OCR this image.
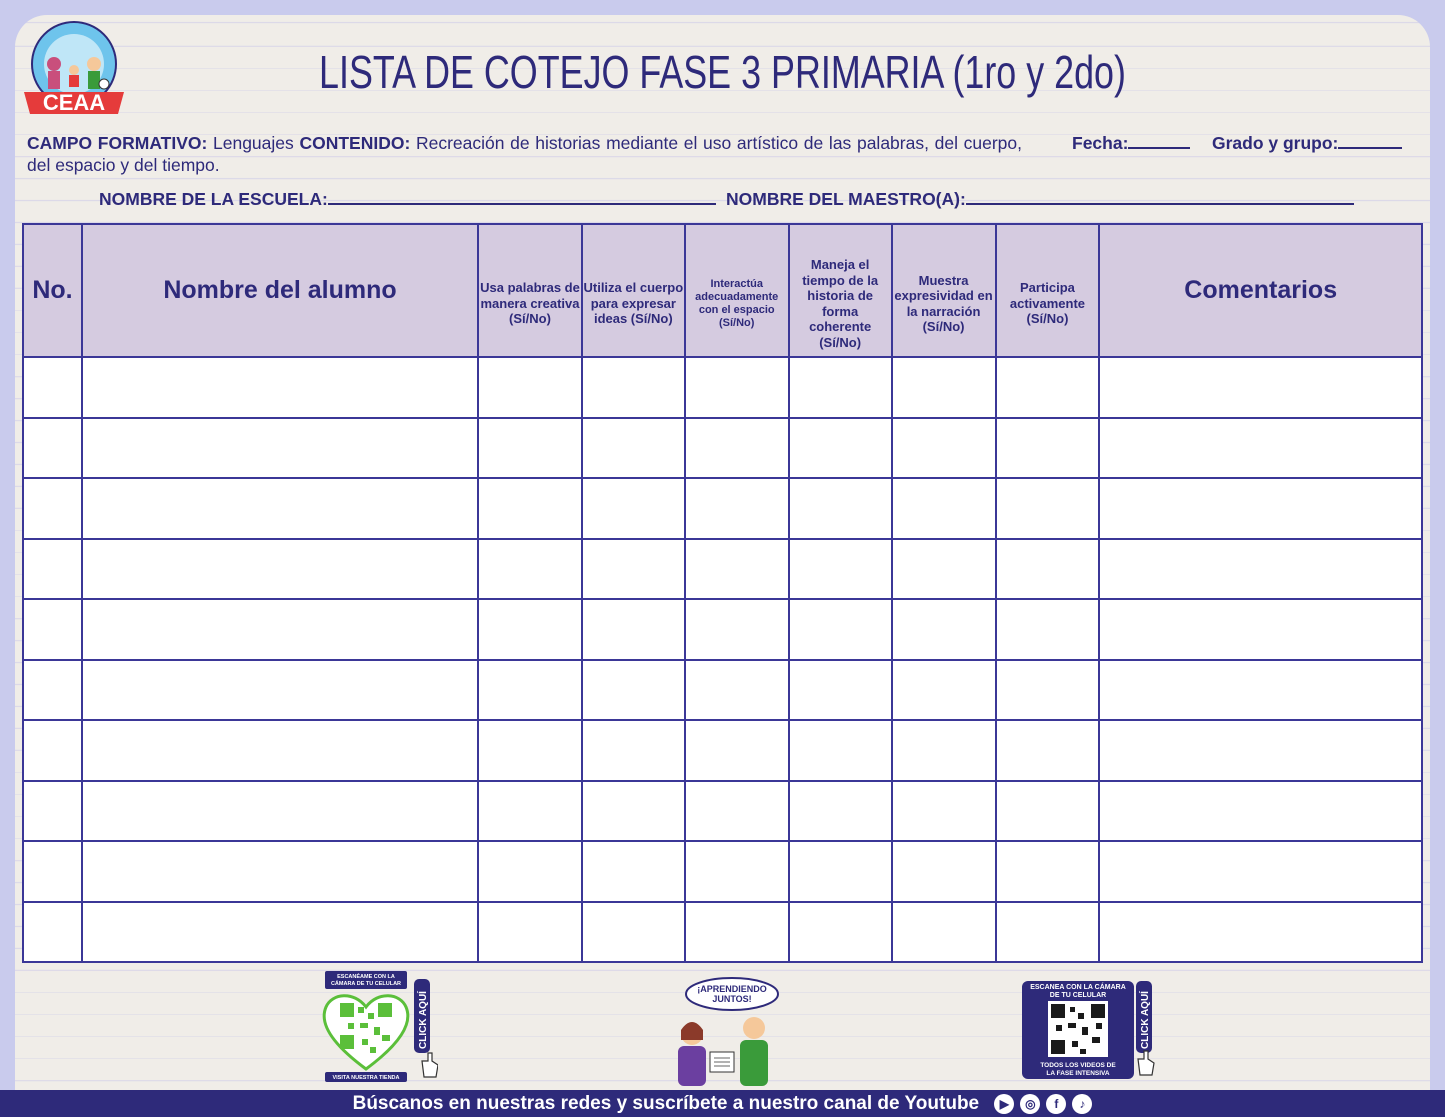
CEAA
LISTA DE COTEJO FASE 3 PRIMARIA (1ro y 2do)
CAMPO FORMATIVO: Lenguajes CONTENIDO: Recreación de historias mediante el uso artístico de las palabras, del cuerpo, del espacio y del tiempo.
Fecha:	Grado y grupo:
NOMBRE DE LA ESCUELA:	NOMBRE DEL MAESTRO(A):
No.	Nombre del alumno	Usa palabras de manera creativa (Sí/No)	Utiliza el cuerpo para expresar ideas (Sí/No)	Interactúa adecuadamente con el espacio (Sí/No)	Maneja el tiempo de la historia de forma coherente (Sí/No)	Muestra expresividad en la narración (Sí/No)	Participa activamente (Sí/No)	Comentarios

ESCANÉAME CON LA
CÁMARA DE TU CELULAR
VISITA NUESTRA TIENDA
CLICK AQUÍ
¡APRENDIENDO
JUNTOS!
ESCANEA CON LA CÁMARA
DE TU CELULAR
TODOS LOS VIDEOS DE
LA FASE INTENSIVA
CLICK AQUÍ
Búscanos en nuestras redes y suscríbete a nuestro canal de Youtube	▶	◎	f	♪
